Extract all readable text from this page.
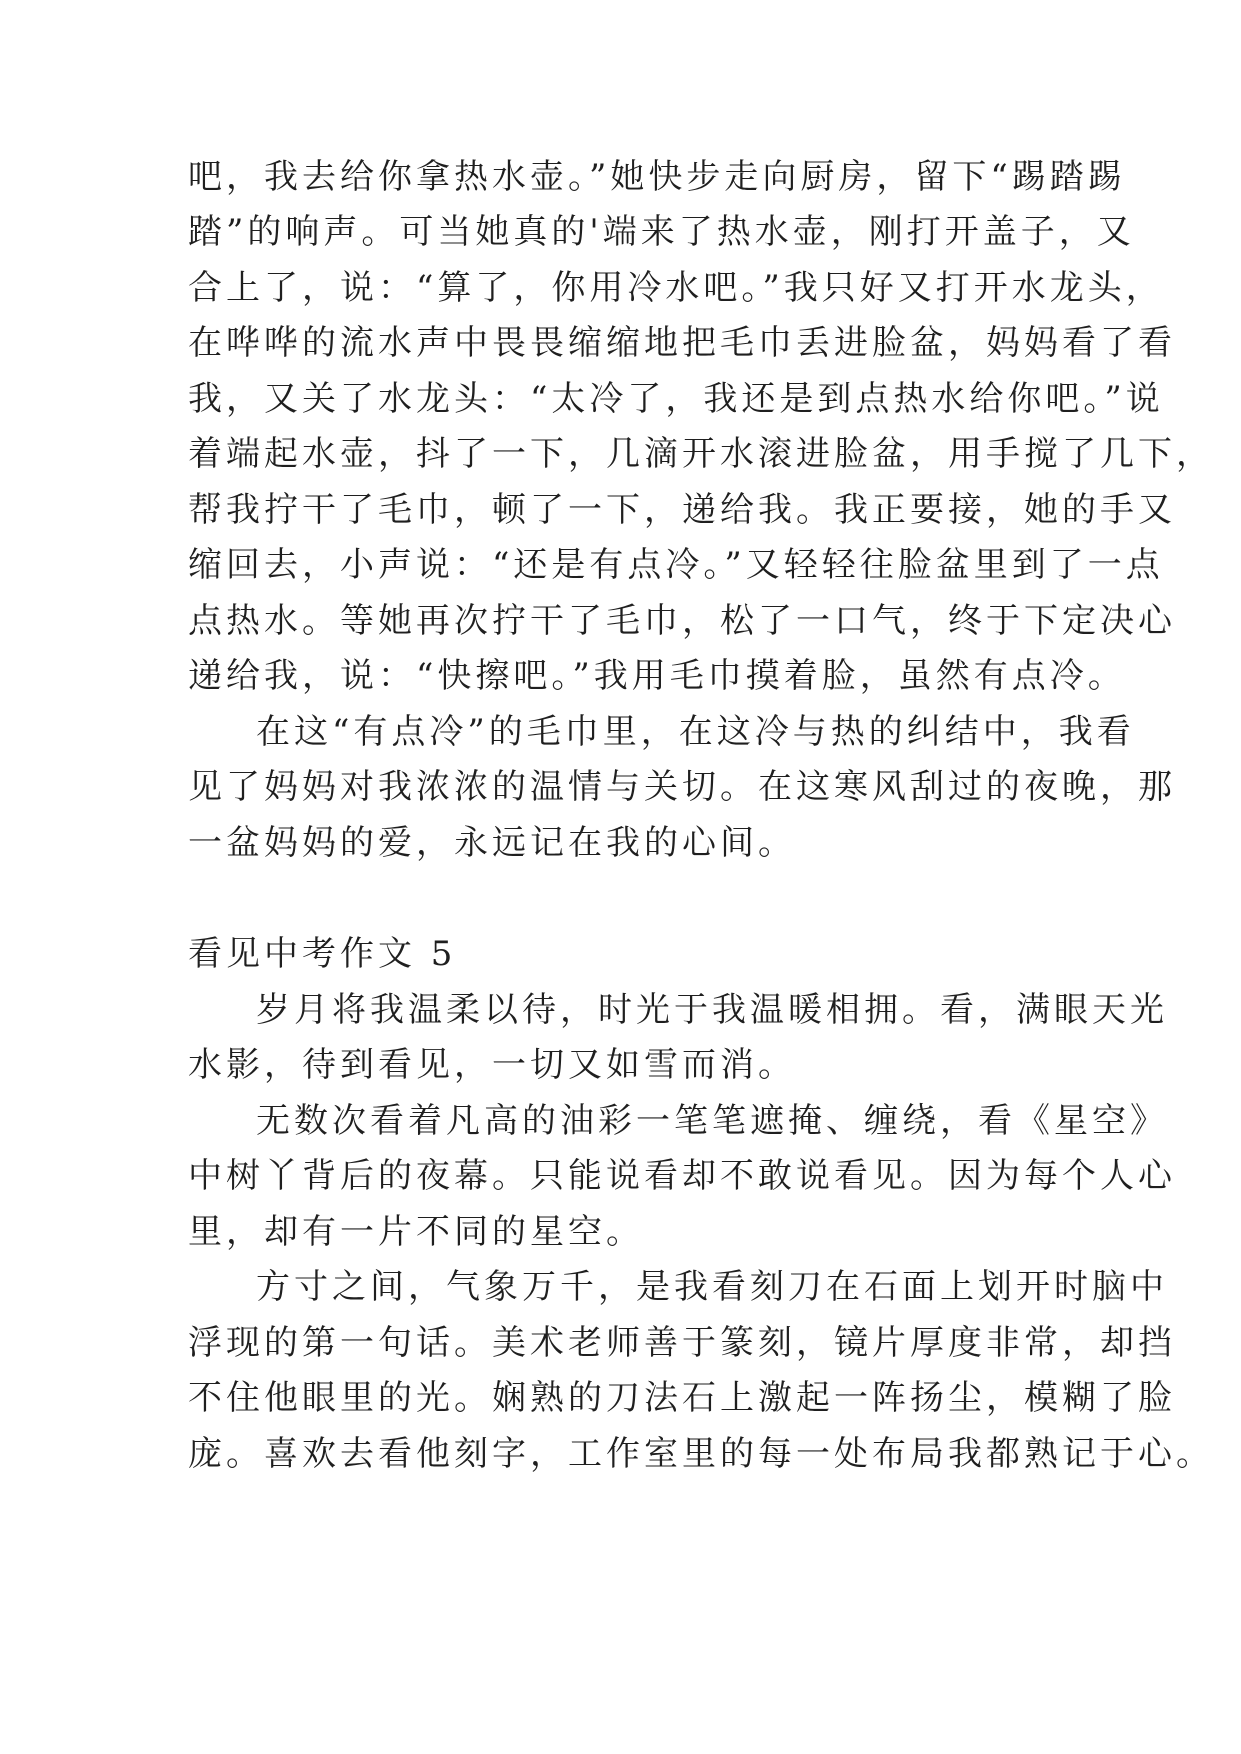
吧，我去给你拿热水壶。”她快步走向厨房，留下“踢踏踢
踏”的响声。可当她真的'端来了热水壶，刚打开盖子，又
合上了，说：“算了，你用冷水吧。”我只好又打开水龙头，
在哗哗的流水声中畏畏缩缩地把毛巾丢进脸盆，妈妈看了看
我，又关了水龙头：“太冷了，我还是到点热水给你吧。”说
着端起水壶，抖了一下，几滴开水滚进脸盆，用手搅了几下，
帮我拧干了毛巾，顿了一下，递给我。我正要接，她的手又
缩回去，小声说：“还是有点冷。”又轻轻往脸盆里到了一点
点热水。等她再次拧干了毛巾，松了一口气，终于下定决心
递给我，说：“快擦吧。”我用毛巾摸着脸，虽然有点冷。
在这“有点冷”的毛巾里，在这冷与热的纠结中，我看
见了妈妈对我浓浓的温情与关切。在这寒风刮过的夜晚，那
一盆妈妈的爱，永远记在我的心间。
看见中考作文 5
岁月将我温柔以待，时光于我温暖相拥。看，满眼天光
水影，待到看见，一切又如雪而消。
无数次看着凡高的油彩一笔笔遮掩、缠绕，看《星空》
中树丫背后的夜幕。只能说看却不敢说看见。因为每个人心
里，却有一片不同的星空。
方寸之间，气象万千，是我看刻刀在石面上划开时脑中
浮现的第一句话。美术老师善于篆刻，镜片厚度非常，却挡
不住他眼里的光。娴熟的刀法石上激起一阵扬尘，模糊了脸
庞。喜欢去看他刻字，工作室里的每一处布局我都熟记于心。
